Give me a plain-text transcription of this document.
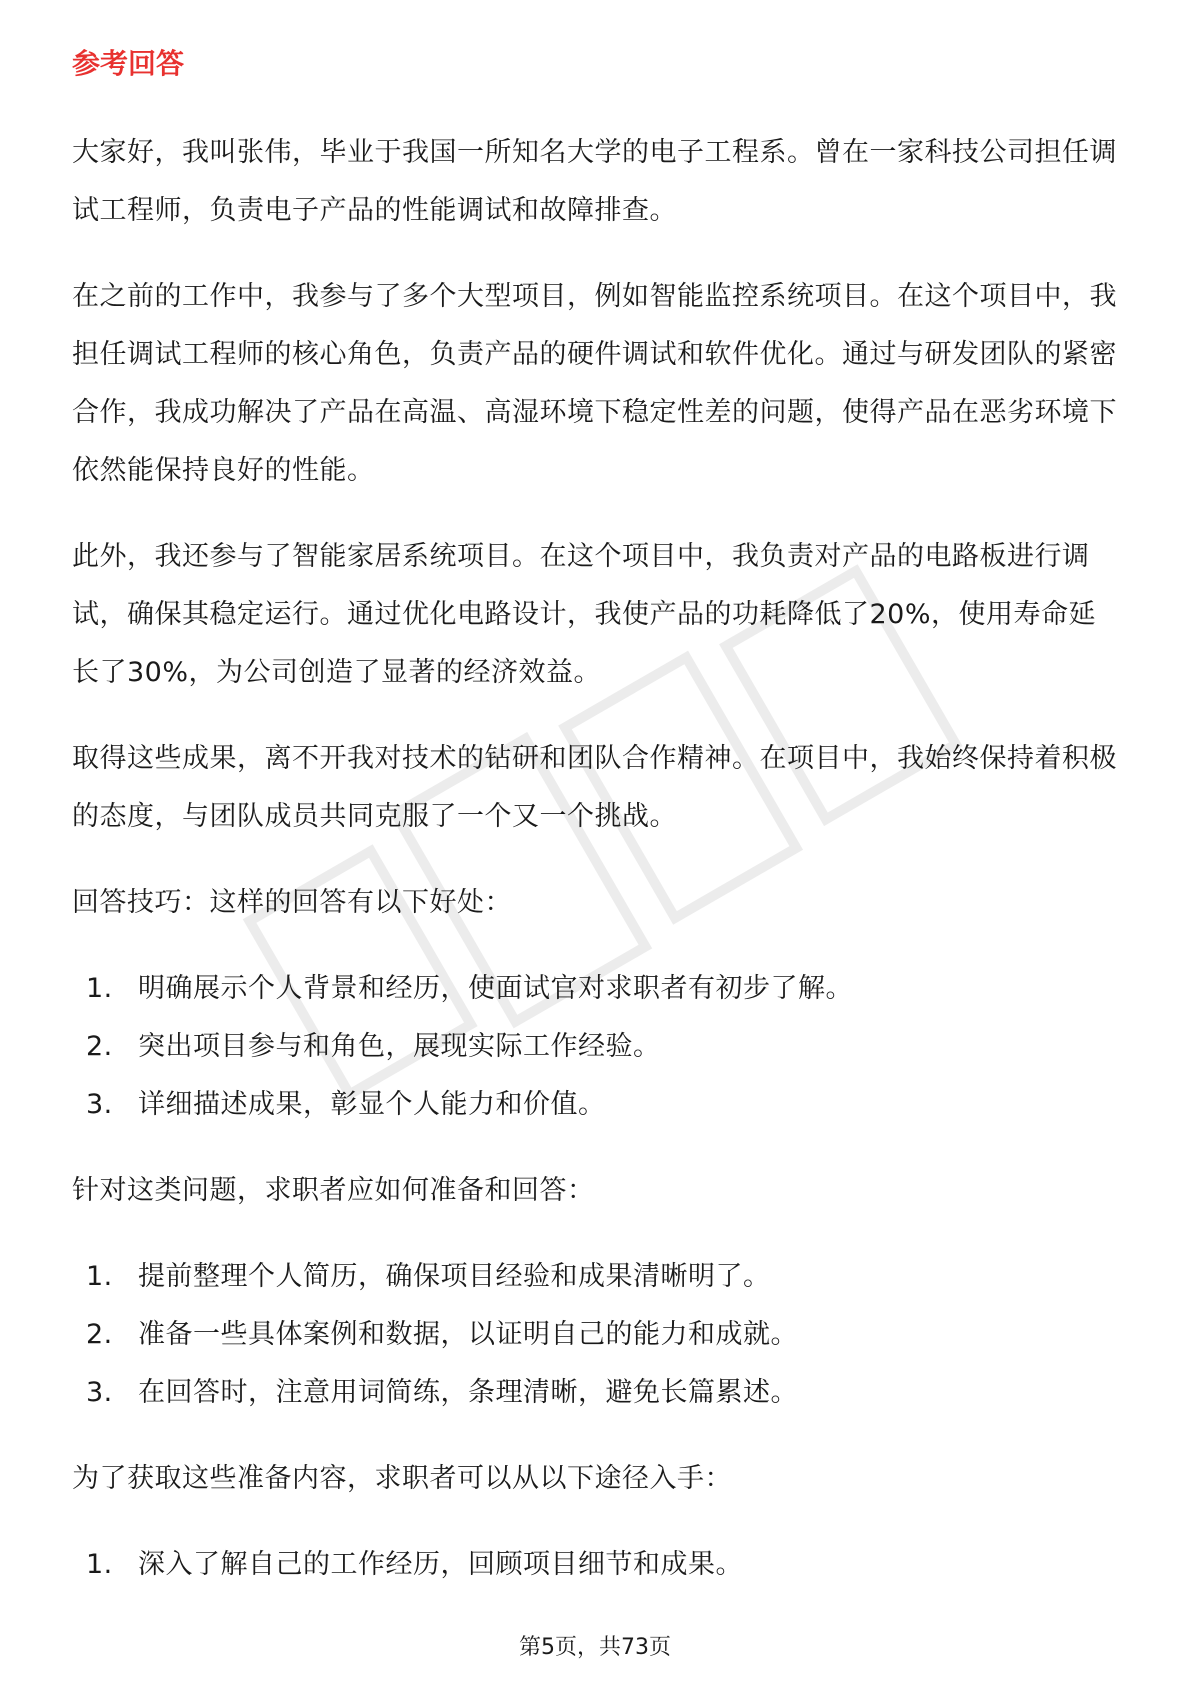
参考回答

大家好，我叫张伟，毕业于我国一所知名大学的电子工程系。曾在一家科技公司担任调试工程师，负责电子产品的性能调试和故障排查。

在之前的工作中，我参与了多个大型项目，例如智能监控系统项目。在这个项目中，我担任调试工程师的核心角色，负责产品的硬件调试和软件优化。通过与研发团队的紧密合作，我成功解决了产品在高温、高湿环境下稳定性差的问题，使得产品在恶劣环境下依然能保持良好的性能。

此外，我还参与了智能家居系统项目。在这个项目中，我负责对产品的电路板进行调试，确保其稳定运行。通过优化电路设计，我使产品的功耗降低了20%，使用寿命延长了30%，为公司创造了显著的经济效益。

取得这些成果，离不开我对技术的钻研和团队合作精神。在项目中，我始终保持着积极的态度，与团队成员共同克服了一个又一个挑战。

回答技巧：这样的回答有以下好处：

1. 明确展示个人背景和经历，使面试官对求职者有初步了解。
2. 突出项目参与和角色，展现实际工作经验。
3. 详细描述成果，彰显个人能力和价值。

针对这类问题，求职者应如何准备和回答：

1. 提前整理个人简历，确保项目经验和成果清晰明了。
2. 准备一些具体案例和数据，以证明自己的能力和成就。
3. 在回答时，注意用词简练，条理清晰，避免长篇累述。

为了获取这些准备内容，求职者可以从以下途径入手：

1. 深入了解自己的工作经历，回顾项目细节和成果。
第5页，共73页
